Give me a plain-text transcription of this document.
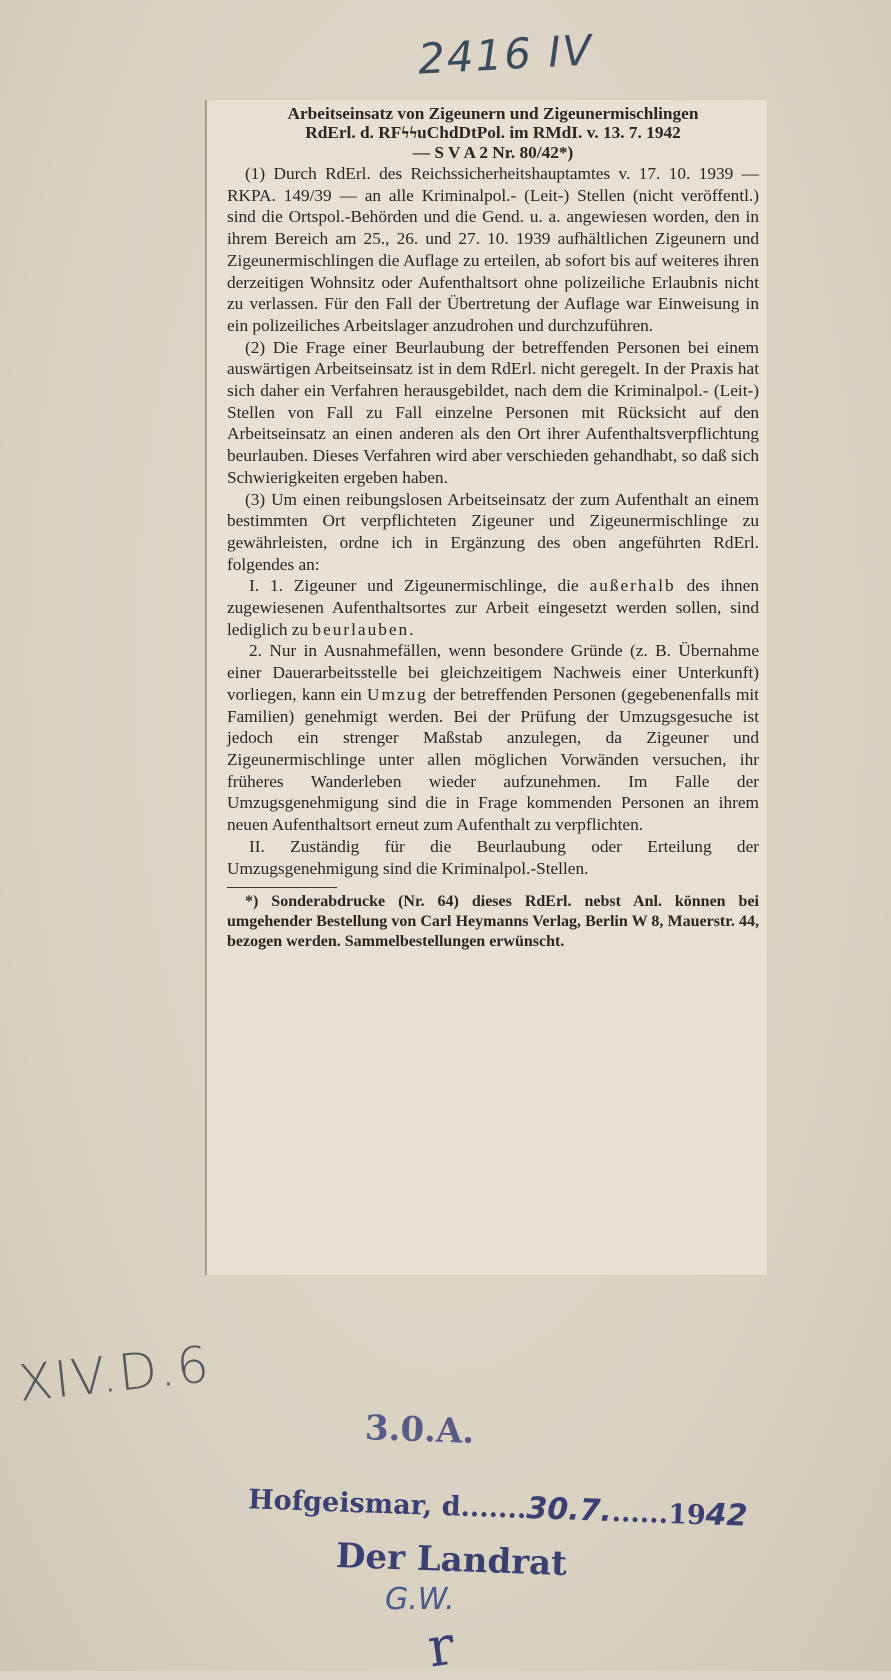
2416 IV
Arbeitseinsatz von Zigeunern und Zigeunermischlingen
RdErl. d. RFϟϟuChdDtPol. im RMdI. v. 13. 7. 1942
— S V A 2 Nr. 80/42*)

(1) Durch RdErl. des Reichssicherheitshauptamtes v. 17. 10. 1939 — RKPA. 149/39 — an alle Kriminalpol.- (Leit-) Stellen (nicht veröffentl.) sind die Ortspol.-Behörden und die Gend. u. a. angewiesen worden, den in ihrem Bereich am 25., 26. und 27. 10. 1939 aufhältlichen Zigeunern und Zigeunermischlingen die Auflage zu erteilen, ab sofort bis auf weiteres ihren derzeitigen Wohnsitz oder Aufenthaltsort ohne polizeiliche Erlaubnis nicht zu verlassen. Für den Fall der Übertretung der Auflage war Einweisung in ein polizeiliches Arbeitslager anzudrohen und durchzuführen.

(2) Die Frage einer Beurlaubung der betreffenden Personen bei einem auswärtigen Arbeitseinsatz ist in dem RdErl. nicht geregelt. In der Praxis hat sich daher ein Verfahren herausgebildet, nach dem die Kriminalpol.- (Leit-) Stellen von Fall zu Fall einzelne Personen mit Rücksicht auf den Arbeitseinsatz an einen anderen als den Ort ihrer Aufenthaltsverpflichtung beurlauben. Dieses Verfahren wird aber verschieden gehandhabt, so daß sich Schwierigkeiten ergeben haben.

(3) Um einen reibungslosen Arbeitseinsatz der zum Aufenthalt an einem bestimmten Ort verpflichteten Zigeuner und Zigeunermischlinge zu gewährleisten, ordne ich in Ergänzung des oben angeführten RdErl. folgendes an:

I. 1. Zigeuner und Zigeunermischlinge, die außerhalb des ihnen zugewiesenen Aufenthaltsortes zur Arbeit eingesetzt werden sollen, sind lediglich zu beurlauben.

2. Nur in Ausnahmefällen, wenn besondere Gründe (z. B. Übernahme einer Dauerarbeitsstelle bei gleichzeitigem Nachweis einer Unterkunft) vorliegen, kann ein Umzug der betreffenden Personen (gegebenenfalls mit Familien) genehmigt werden. Bei der Prüfung der Umzugsgesuche ist jedoch ein strenger Maßstab anzulegen, da Zigeuner und Zigeunermischlinge unter allen möglichen Vorwänden versuchen, ihr früheres Wanderleben wieder aufzunehmen. Im Falle der Umzugsgenehmigung sind die in Frage kommenden Personen an ihrem neuen Aufenthaltsort erneut zum Aufenthalt zu verpflichten.

II. Zuständig für die Beurlaubung oder Erteilung der Umzugsgenehmigung sind die Kriminalpol.-Stellen.

*) Sonderabdrucke (Nr. 64) dieses RdErl. nebst Anl. können bei umgehender Bestellung von Carl Heymanns Verlag, Berlin W 8, Mauerstr. 44, bezogen werden. Sammelbestellungen erwünscht.
XIV.D.6
3.0.A.
Hofgeismar, d.......30.7.......1942
Der Landrat
G.W.
r
